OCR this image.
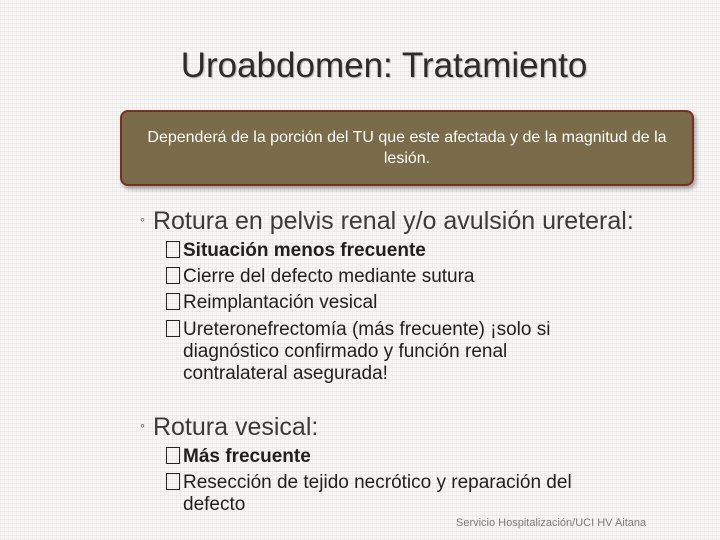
Uroabdomen: Tratamiento
Dependerá de la porción del TU que este afectada y de la magnitud de la lesión.
◦ Rotura en pelvis renal y/o avulsión ureteral:
Situación menos frecuente
Cierre del defecto mediante sutura
Reimplantación vesical
Ureteronefrectomía (más frecuente) ¡solo si
diagnóstico confirmado y función renal
contralateral asegurada!
◦ Rotura vesical:
Más frecuente
Resección de tejido necrótico y reparación del
defecto
Servicio Hospitalización/UCI HV Aitana
